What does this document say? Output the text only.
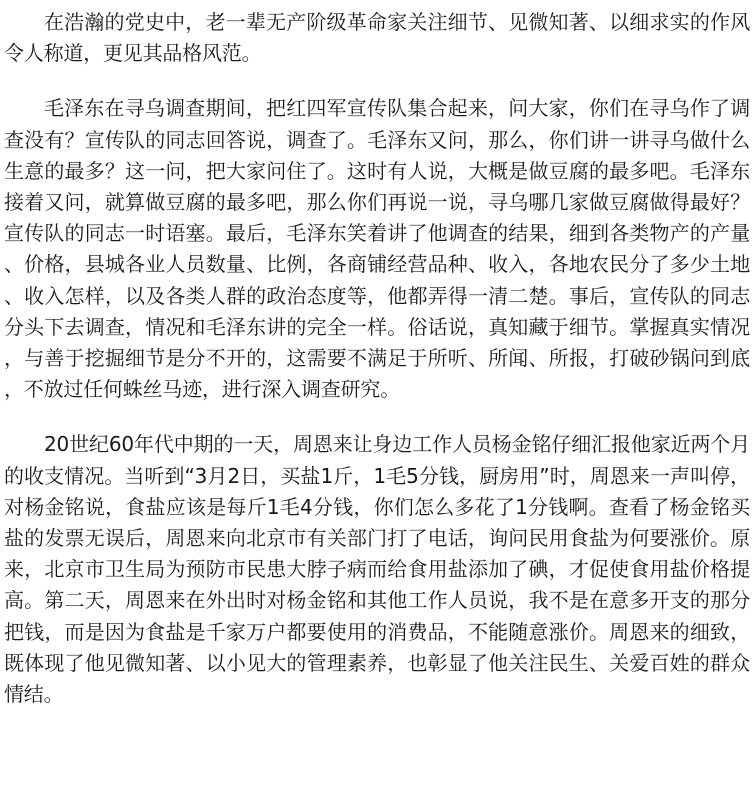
在浩瀚的党史中，老一辈无产阶级革命家关注细节、见微知著、以细求实的作风令人称道，更见其品格风范。

毛泽东在寻乌调查期间，把红四军宣传队集合起来，问大家，你们在寻乌作了调查没有？宣传队的同志回答说，调查了。毛泽东又问，那么，你们讲一讲寻乌做什么生意的最多？这一问，把大家问住了。这时有人说，大概是做豆腐的最多吧。毛泽东接着又问，就算做豆腐的最多吧，那么你们再说一说，寻乌哪几家做豆腐做得最好？宣传队的同志一时语塞。最后，毛泽东笑着讲了他调查的结果，细到各类物产的产量、价格，县城各业人员数量、比例，各商铺经营品种、收入，各地农民分了多少土地、收入怎样，以及各类人群的政治态度等，他都弄得一清二楚。事后，宣传队的同志分头下去调查，情况和毛泽东讲的完全一样。俗话说，真知藏于细节。掌握真实情况，与善于挖掘细节是分不开的，这需要不满足于所听、所闻、所报，打破砂锅问到底，不放过任何蛛丝马迹，进行深入调查研究。

20世纪60年代中期的一天，周恩来让身边工作人员杨金铭仔细汇报他家近两个月的收支情况。当听到“3月2日，买盐1斤，1毛5分钱，厨房用”时，周恩来一声叫停，对杨金铭说，食盐应该是每斤1毛4分钱，你们怎么多花了1分钱啊。查看了杨金铭买盐的发票无误后，周恩来向北京市有关部门打了电话，询问民用食盐为何要涨价。原来，北京市卫生局为预防市民患大脖子病而给食用盐添加了碘，才促使食用盐价格提高。第二天，周恩来在外出时对杨金铭和其他工作人员说，我不是在意多开支的那分把钱，而是因为食盐是千家万户都要使用的消费品，不能随意涨价。周恩来的细致，既体现了他见微知著、以小见大的管理素养，也彰显了他关注民生、关爱百姓的群众情结。
